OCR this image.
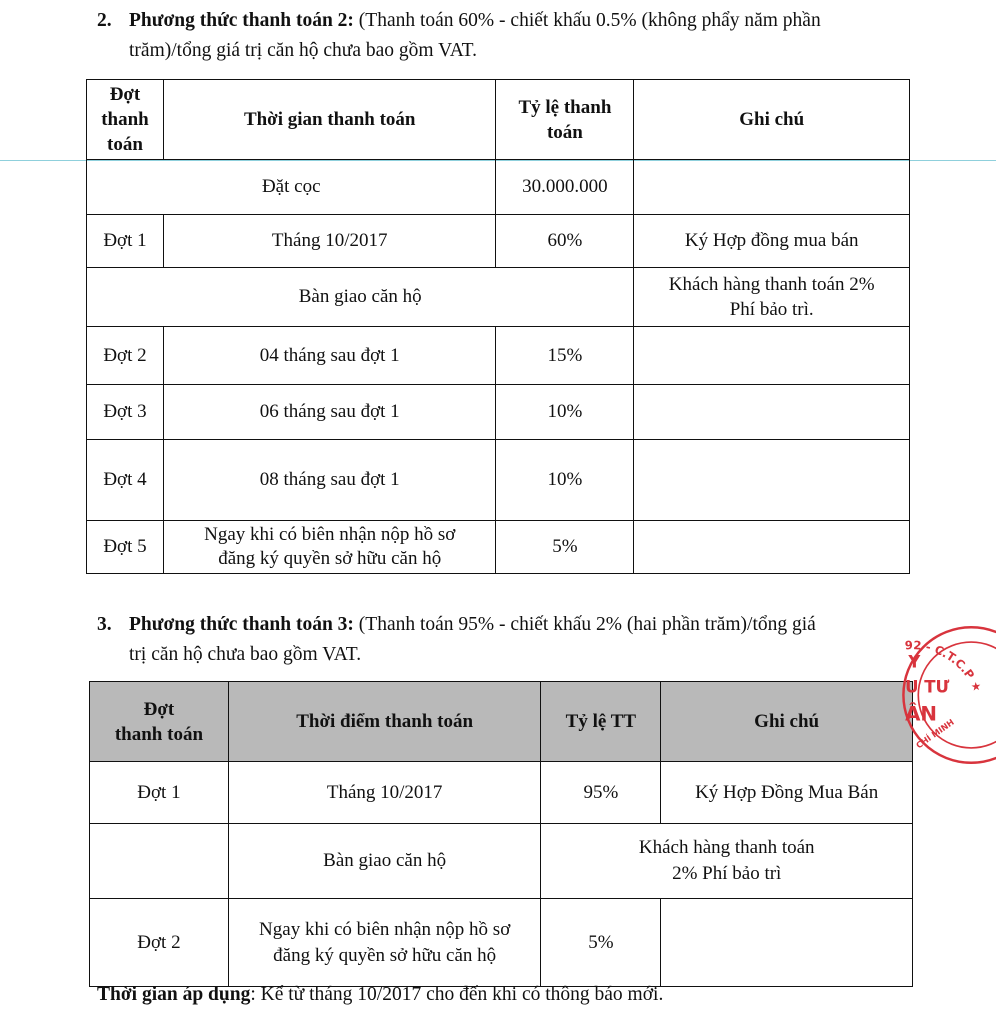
2. Phương thức thanh toán 2: (Thanh toán 60% - chiết khấu 0.5% (không phẩy năm phần
trăm)/tổng giá trị căn hộ chưa bao gồm VAT.
Đợt
thanh
toán	Thời gian thanh toán	Tỷ lệ thanh
toán	Ghi chú
Đặt cọc		30.000.000	
Đợt 1	Tháng 10/2017	60%	Ký Hợp đồng mua bán
Bàn giao căn hộ			Khách hàng thanh toán 2%
Phí bảo trì.
Đợt 2	04 tháng sau đợt 1	15%	
Đợt 3	06 tháng sau đợt 1	10%	
Đợt 4	08 tháng sau đợt 1	10%	
Đợt 5	Ngay khi có biên nhận nộp hồ sơ
đăng ký quyền sở hữu căn hộ	5%	
3. Phương thức thanh toán 3: (Thanh toán 95% - chiết khấu 2% (hai phần trăm)/tổng giá
trị căn hộ chưa bao gồm VAT.
Đợt
thanh toán	Thời điểm thanh toán	Tỷ lệ TT	Ghi chú
Đợt 1	Tháng 10/2017	95%	Ký Hợp Đồng Mua Bán
	Bàn giao căn hộ	Khách hàng thanh toán
2% Phí bảo trì	
Đợt 2	Ngay khi có biên nhận nộp hồ sơ
đăng ký quyền sở hữu căn hộ	5%	
Thời gian áp dụng: Kể từ tháng 10/2017 cho đến khi có thông báo mới.
92 - C.T.C.P ★
Y
U TƯ
ÂN
CHÍ MINH
